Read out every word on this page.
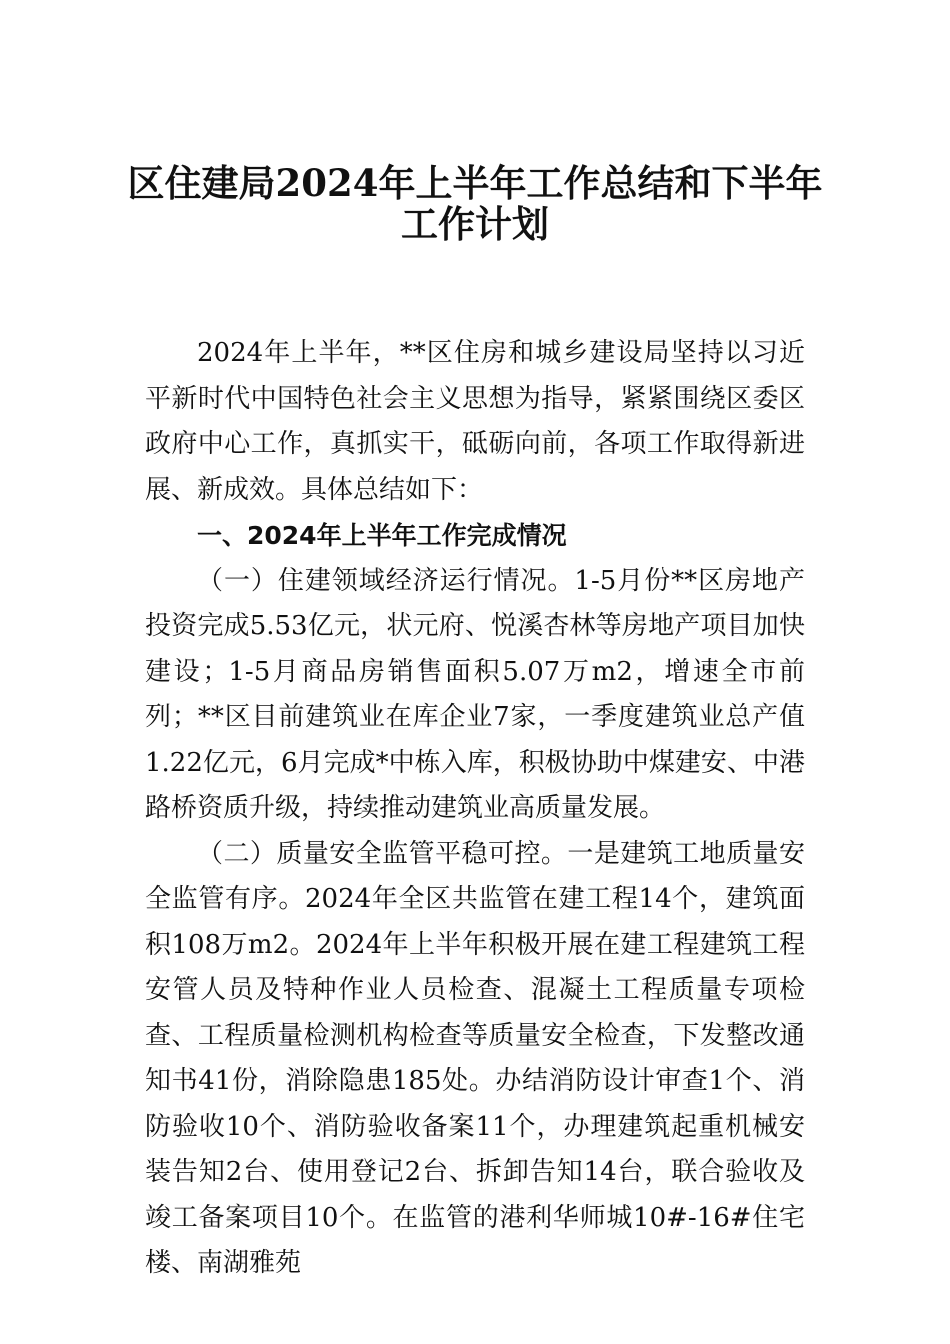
区住建局2024年上半年工作总结和下半年
工作计划

2024年上半年，**区住房和城乡建设局坚持以习近平新时代中国特色社会主义思想为指导，紧紧围绕区委区政府中心工作，真抓实干，砥砺向前，各项工作取得新进展、新成效。具体总结如下：

一、2024年上半年工作完成情况

（一）住建领域经济运行情况。1-5月份**区房地产投资完成5.53亿元，状元府、悦溪杏林等房地产项目加快建设；1-5月商品房销售面积5.07万m2，增速全市前列；**区目前建筑业在库企业7家，一季度建筑业总产值1.22亿元，6月完成*中栋入库，积极协助中煤建安、中港路桥资质升级，持续推动建筑业高质量发展。

（二）质量安全监管平稳可控。一是建筑工地质量安全监管有序。2024年全区共监管在建工程14个，建筑面积108万m2。2024年上半年积极开展在建工程建筑工程安管人员及特种作业人员检查、混凝土工程质量专项检查、工程质量检测机构检查等质量安全检查，下发整改通知书41份，消除隐患185处。办结消防设计审查1个、消防验收10个、消防验收备案11个，办理建筑起重机械安装告知2台、使用登记2台、拆卸告知14台，联合验收及竣工备案项目10个。在监管的港利华师城10#-16#住宅楼、南湖雅苑
